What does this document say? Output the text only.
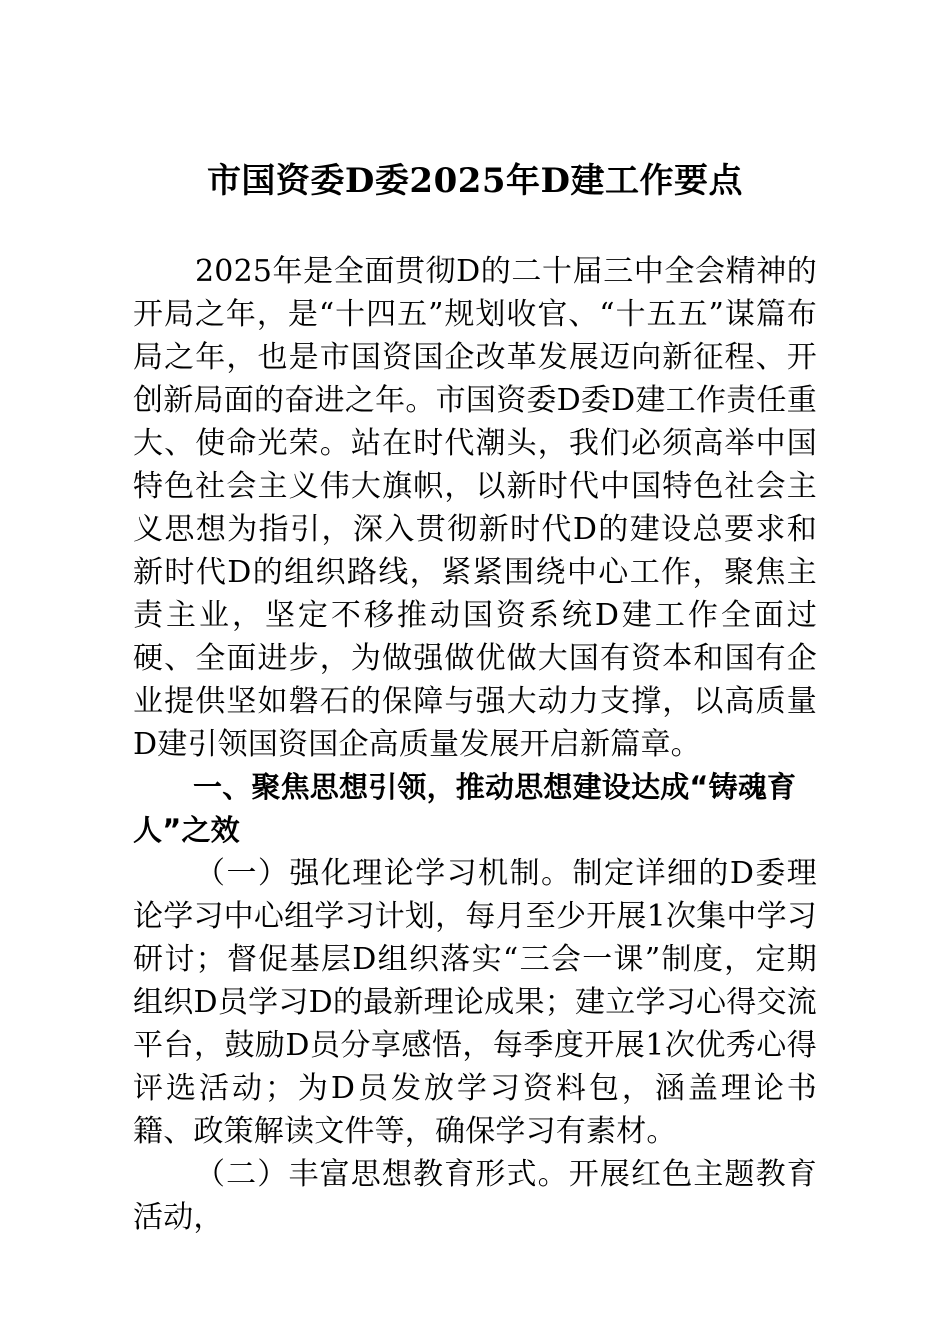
市国资委D委2025年D建工作要点

2025年是全面贯彻D的二十届三中全会精神的开局之年，是“十四五”规划收官、“十五五”谋篇布局之年，也是市国资国企改革发展迈向新征程、开创新局面的奋进之年。市国资委D委D建工作责任重大、使命光荣。站在时代潮头，我们必须高举中国特色社会主义伟大旗帜，以新时代中国特色社会主义思想为指引，深入贯彻新时代D的建设总要求和新时代D的组织路线，紧紧围绕中心工作，聚焦主责主业，坚定不移推动国资系统D建工作全面过硬、全面进步，为做强做优做大国有资本和国有企业提供坚如磐石的保障与强大动力支撑，以高质量D建引领国资国企高质量发展开启新篇章。

一、聚焦思想引领，推动思想建设达成“铸魂育人”之效

（一）强化理论学习机制。制定详细的D委理论学习中心组学习计划，每月至少开展1次集中学习研讨；督促基层D组织落实“三会一课”制度，定期组织D员学习D的最新理论成果；建立学习心得交流平台，鼓励D员分享感悟，每季度开展1次优秀心得评选活动；为D员发放学习资料包，涵盖理论书籍、政策解读文件等，确保学习有素材。

（二）丰富思想教育形式。开展红色主题教育活动，
